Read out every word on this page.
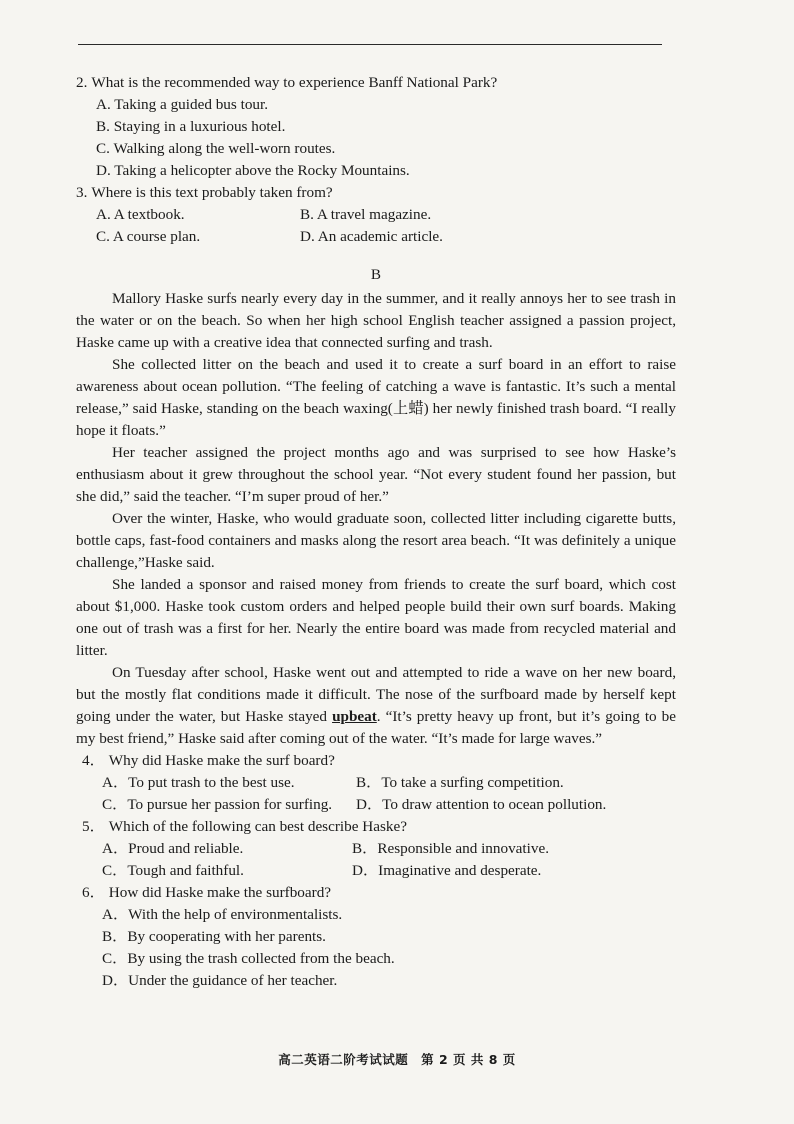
2. What is the recommended way to experience Banff National Park?

A. Taking a guided bus tour.

B. Staying in a luxurious hotel.

C. Walking along the well-worn routes.

D. Taking a helicopter above the Rocky Mountains.

3. Where is this text probably taken from?

A. A textbook.	B. A travel magazine.

C. A course plan.	D. An academic article.

B

Mallory Haske surfs nearly every day in the summer, and it really annoys her to see trash in the water or on the beach. So when her high school English teacher assigned a passion project, Haske came up with a creative idea that connected surfing and trash.

She collected litter on the beach and used it to create a surf board in an effort to raise awareness about ocean pollution. “The feeling of catching a wave is fantastic. It’s such a mental release,” said Haske, standing on the beach waxing(上蜡) her newly finished trash board. “I really hope it floats.”

Her teacher assigned the project months ago and was surprised to see how Haske’s enthusiasm about it grew throughout the school year. “Not every student found her passion, but she did,” said the teacher. “I’m super proud of her.”

Over the winter, Haske, who would graduate soon, collected litter including cigarette butts, bottle caps, fast-food containers and masks along the resort area beach. “It was definitely a unique challenge,”Haske said.

She landed a sponsor and raised money from friends to create the surf board, which cost about $1,000. Haske took custom orders and helped people build their own surf boards. Making one out of trash was a first for her. Nearly the entire board was made from recycled material and litter.

On Tuesday after school, Haske went out and attempted to ride a wave on her new board, but the mostly flat conditions made it difficult. The nose of the surfboard made by herself kept going under the water, but Haske stayed upbeat. “It’s pretty heavy up front, but it’s going to be my best friend,” Haske said after coming out of the water. “It’s made for large waves.”

4． Why did Haske make the surf board?

A．To put trash to the best use.	B．To take a surfing competition.

C．To pursue her passion for surfing.	D．To draw attention to ocean pollution.

5． Which of the following can best describe Haske?

A．Proud and reliable.	B．Responsible and innovative.

C．Tough and faithful.	D．Imaginative and desperate.

6． How did Haske make the surfboard?

A．With the help of environmentalists.

B．By cooperating with her parents.

C．By using the trash collected from the beach.

D．Under the guidance of her teacher.

高二英语二阶考试试题 第 2 页 共 8 页
